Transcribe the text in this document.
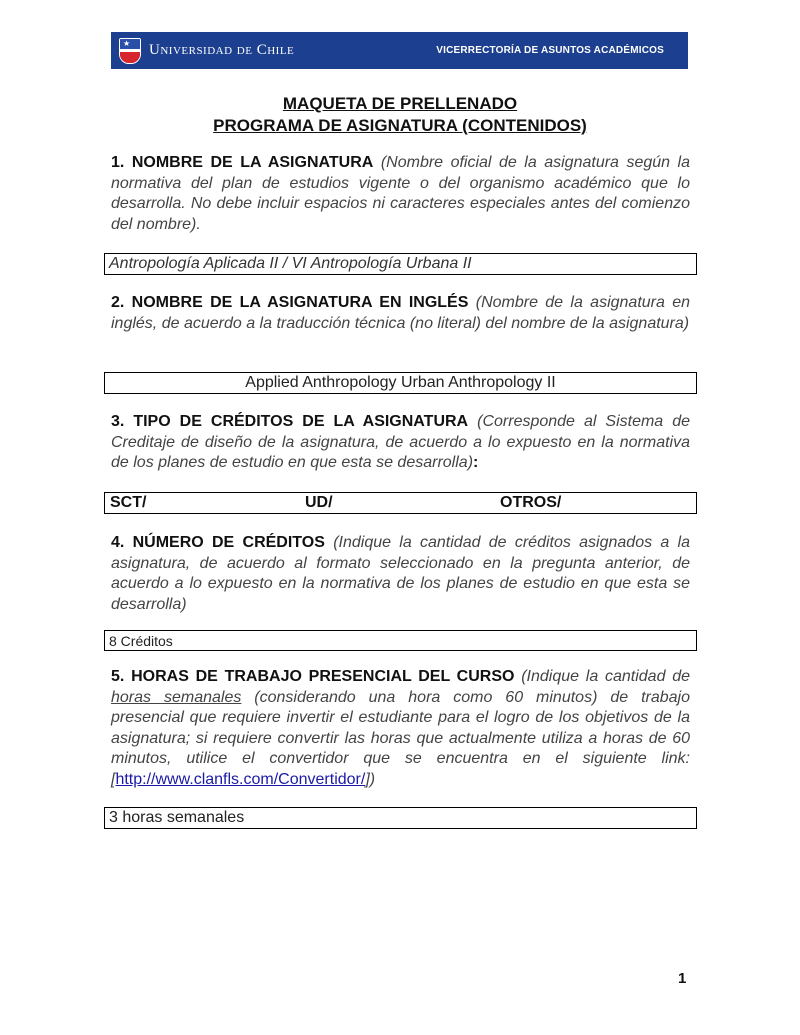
★ Universidad de Chile	VICERRECTORÍA DE ASUNTOS ACADÉMICOS
MAQUETA DE PRELLENADO
PROGRAMA DE ASIGNATURA (CONTENIDOS)

1. NOMBRE DE LA ASIGNATURA (Nombre oficial de la asignatura según la normativa del plan de estudios vigente o del organismo académico que lo desarrolla. No debe incluir espacios ni caracteres especiales antes del comienzo del nombre).

Antropología Aplicada II / VI Antropología Urbana II

2. NOMBRE DE LA ASIGNATURA EN INGLÉS (Nombre de la asignatura en inglés, de acuerdo a la traducción técnica (no literal) del nombre de la asignatura)

Applied Anthropology Urban Anthropology II

3. TIPO DE CRÉDITOS DE LA ASIGNATURA (Corresponde al Sistema de Creditaje de diseño de la asignatura, de acuerdo a lo expuesto en la normativa de los planes de estudio en que esta se desarrolla):

SCT/	UD/	OTROS/

4. NÚMERO DE CRÉDITOS (Indique la cantidad de créditos asignados a la asignatura, de acuerdo al formato seleccionado en la pregunta anterior, de acuerdo a lo expuesto en la normativa de los planes de estudio en que esta se desarrolla)

8 Créditos

5. HORAS DE TRABAJO PRESENCIAL DEL CURSO (Indique la cantidad de horas semanales (considerando una hora como 60 minutos) de trabajo presencial que requiere invertir el estudiante para el logro de los objetivos de la asignatura; si requiere convertir las horas que actualmente utiliza a horas de 60 minutos, utilice el convertidor que se encuentra en el siguiente link: [http://www.clanfls.com/Convertidor/])

3 horas semanales
1
